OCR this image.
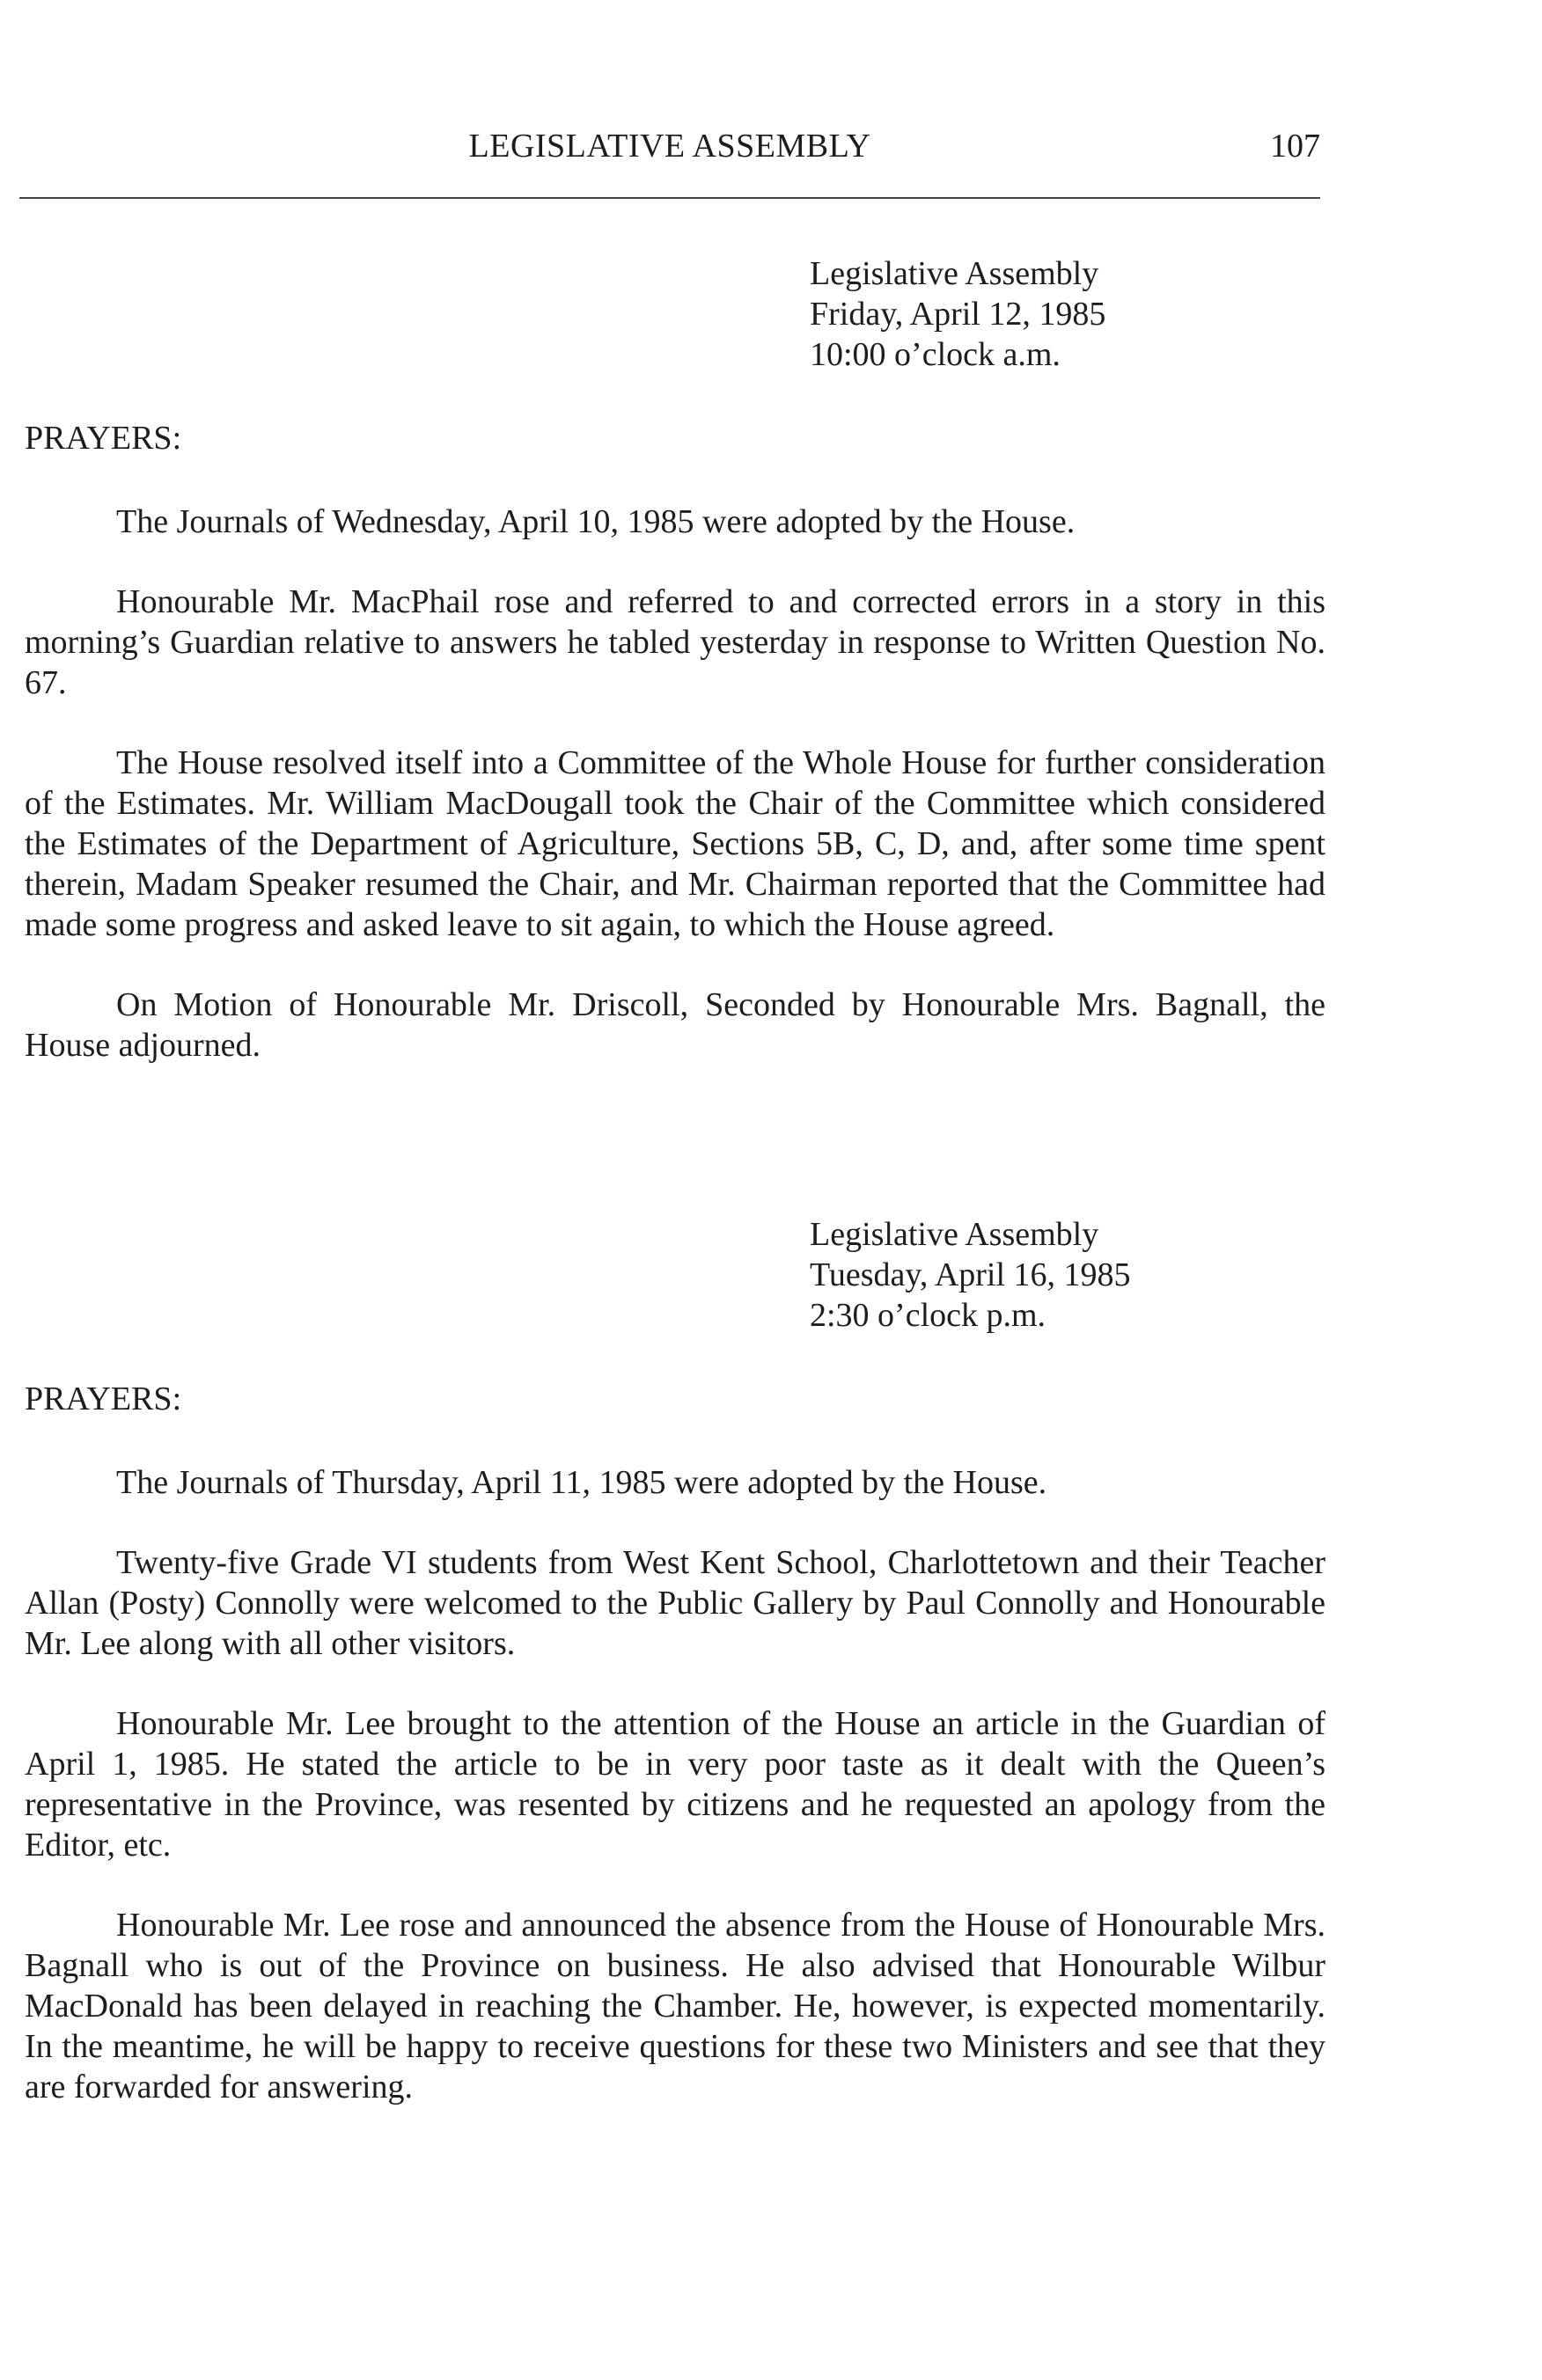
LEGISLATIVE ASSEMBLY	107
Legislative Assembly
Friday, April 12, 1985
10:00 o’clock a.m.
PRAYERS:

The Journals of Wednesday, April 10, 1985 were adopted by the House.

Honourable Mr. MacPhail rose and referred to and corrected errors in a story in this morning’s Guardian relative to answers he tabled yesterday in response to Written Question No. 67.

The House resolved itself into a Committee of the Whole House for further consideration of the Estimates. Mr. William MacDougall took the Chair of the Committee which considered the Estimates of the Department of Agriculture, Sections 5B, C, D, and, after some time spent therein, Madam Speaker resumed the Chair, and Mr. Chairman reported that the Committee had made some progress and asked leave to sit again, to which the House agreed.

On Motion of Honourable Mr. Driscoll, Seconded by Honourable Mrs. Bagnall, the House adjourned.

Legislative Assembly
Tuesday, April 16, 1985
2:30 o’clock p.m.
PRAYERS:

The Journals of Thursday, April 11, 1985 were adopted by the House.

Twenty-five Grade VI students from West Kent School, Charlottetown and their Teacher Allan (Posty) Connolly were welcomed to the Public Gallery by Paul Connolly and Honourable Mr. Lee along with all other visitors.

Honourable Mr. Lee brought to the attention of the House an article in the Guardian of April 1, 1985. He stated the article to be in very poor taste as it dealt with the Queen’s representative in the Province, was resented by citizens and he requested an apology from the Editor, etc.

Honourable Mr. Lee rose and announced the absence from the House of Honourable Mrs. Bagnall who is out of the Province on business. He also advised that Honourable Wilbur MacDonald has been delayed in reaching the Chamber. He, however, is expected momentarily. In the meantime, he will be happy to receive questions for these two Ministers and see that they are forwarded for answering.
